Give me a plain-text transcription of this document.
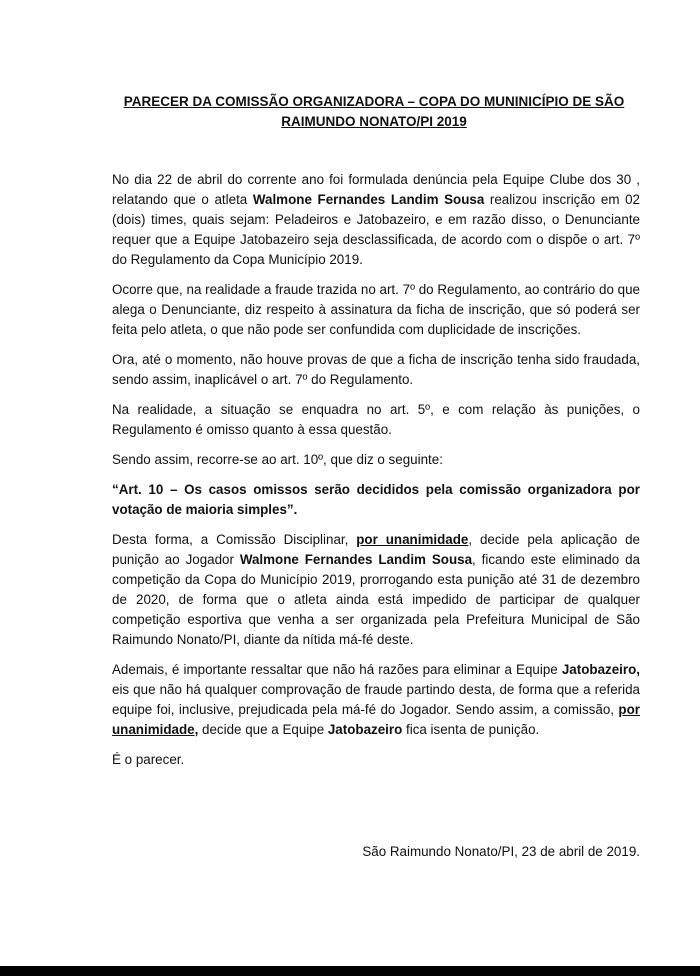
PARECER DA COMISSÃO ORGANIZADORA – COPA DO MUNINICÍPIO DE SÃO
RAIMUNDO NONATO/PI 2019

No dia 22 de abril do corrente ano foi formulada denúncia pela Equipe Clube dos 30 , relatando que o atleta Walmone Fernandes Landim Sousa realizou inscrição em 02 (dois) times, quais sejam: Peladeiros e Jatobazeiro, e em razão disso, o Denunciante requer que a Equipe Jatobazeiro seja desclassificada, de acordo com o dispõe o art. 7º do Regulamento da Copa Município 2019.

Ocorre que, na realidade a fraude trazida no art. 7º do Regulamento, ao contrário do que alega o Denunciante, diz respeito à assinatura da ficha de inscrição, que só poderá ser feita pelo atleta, o que não pode ser confundida com duplicidade de inscrições.

Ora, até o momento, não houve provas de que a ficha de inscrição tenha sido fraudada, sendo assim, inaplicável o art. 7º do Regulamento.

Na realidade, a situação se enquadra no art. 5º, e com relação às punições, o Regulamento é omisso quanto à essa questão.

Sendo assim, recorre-se ao art. 10º, que diz o seguinte:

“Art. 10 – Os casos omissos serão decididos pela comissão organizadora por votação de maioria simples”.

Desta forma, a Comissão Disciplinar, por unanimidade, decide pela aplicação de punição ao Jogador Walmone Fernandes Landim Sousa, ficando este eliminado da competição da Copa do Município 2019, prorrogando esta punição até 31 de dezembro de 2020, de forma que o atleta ainda está impedido de participar de qualquer competição esportiva que venha a ser organizada pela Prefeitura Municipal de São Raimundo Nonato/PI, diante da nítida má-fé deste.

Ademais, é importante ressaltar que não há razões para eliminar a Equipe Jatobazeiro, eis que não há qualquer comprovação de fraude partindo desta, de forma que a referida equipe foi, inclusive, prejudicada pela má-fé do Jogador. Sendo assim, a comissão, por unanimidade, decide que a Equipe Jatobazeiro fica isenta de punição.

É o parecer.

São Raimundo Nonato/PI, 23 de abril de 2019.
